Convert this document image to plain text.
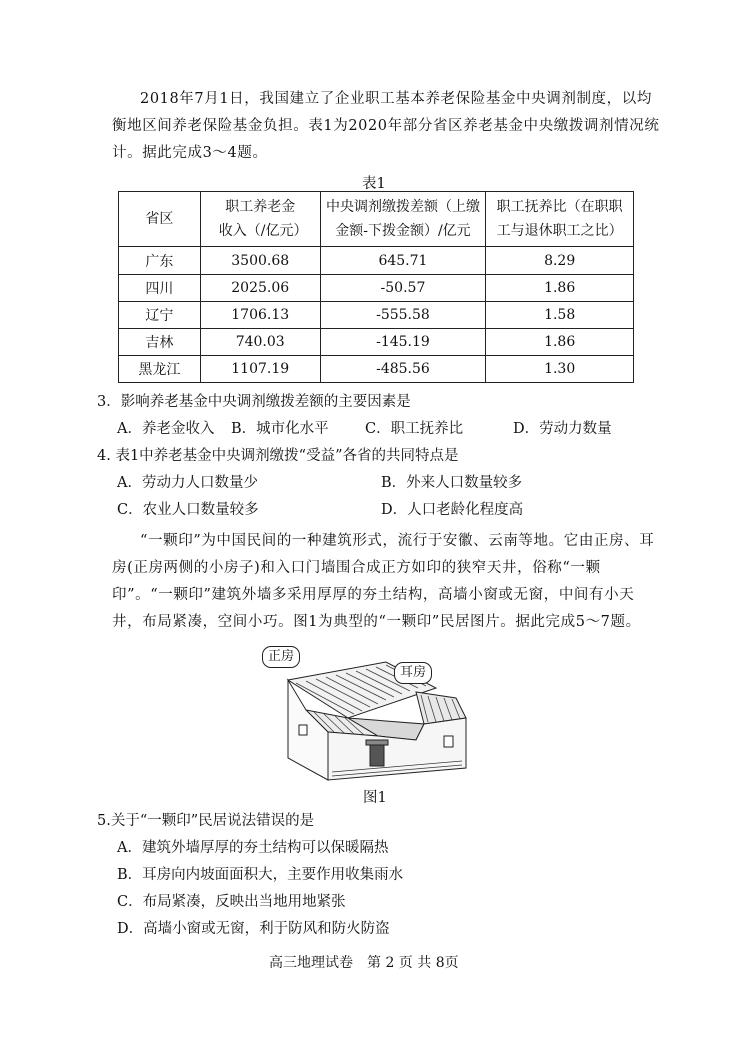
2018年7月1日，我国建立了企业职工基本养老保险基金中央调剂制度，以均衡地区间养老保险基金负担。表1为2020年部分省区养老基金中央缴拨调剂情况统计。据此完成3～4题。
表1
省区	职工养老金收入（/亿元）	中央调剂缴拨差额（上缴金额-下拨金额）/亿元	职工抚养比（在职职工与退休职工之比）
广东	3500.68	645.71	8.29
四川	2025.06	-50.57	1.86
辽宁	1706.13	-555.58	1.58
吉林	740.03	-145.19	1.86
黑龙江	1107.19	-485.56	1.30
3．影响养老基金中央调剂缴拨差额的主要因素是
A．养老金收入 B．城市化水平	C．职工抚养比	D．劳动力数量
4. 表1中养老基金中央调剂缴拨“受益”各省的共同特点是
A．劳动力人口数量少	B．外来人口数量较多
C．农业人口数量较多	D．人口老龄化程度高
“一颗印”为中国民间的一种建筑形式，流行于安徽、云南等地。它由正房、耳房(正房两侧的小房子)和入口门墙围合成正方如印的狭窄天井，俗称“一颗印”。“一颗印”建筑外墙多采用厚厚的夯土结构，高墙小窗或无窗，中间有小天井，布局紧凑，空间小巧。图1为典型的“一颗印”民居图片。据此完成5～7题。
正房
耳房
图1
5.关于“一颗印”民居说法错误的是
A．建筑外墙厚厚的夯土结构可以保暖隔热
B．耳房向内坡面面积大，主要作用收集雨水
C．布局紧凑，反映出当地用地紧张
D．高墙小窗或无窗，利于防风和防火防盗
高三地理试卷　第 2 页 共 8页
